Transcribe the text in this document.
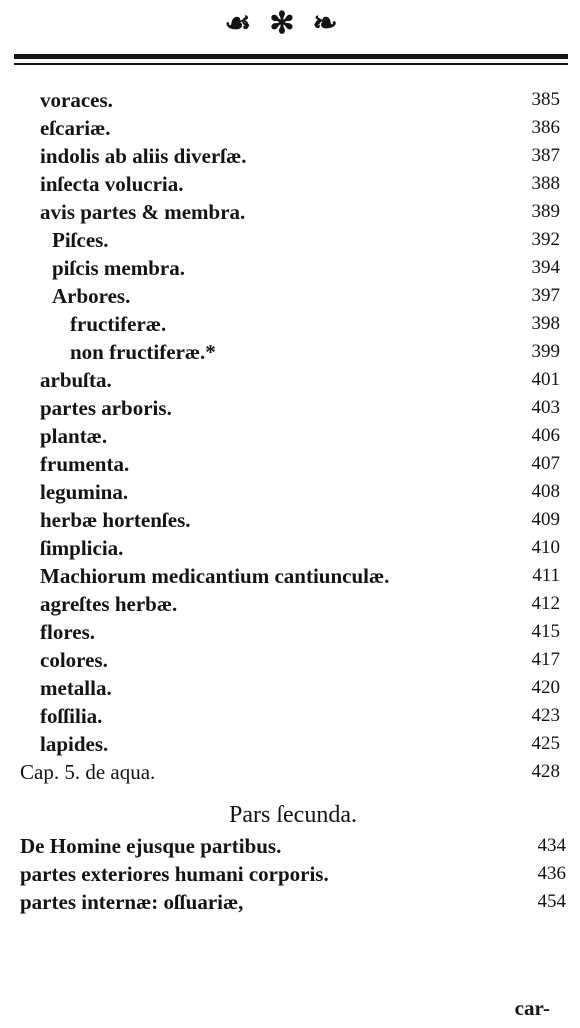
☙✻❧
voraces.	385
eſcariæ.	386
indolis ab aliis diverſæ.	387
inſecta volucria.	388
avis partes & membra.	389
Piſces.	392
piſcis membra.	394
Arbores.	397
fructiferæ.	398
non fructiferæ.*	399
arbuſta.	401
partes arboris.	403
plantæ.	406
frumenta.	407
legumina.	408
herbæ hortenſes.	409
ſimplicia.	410
Machiorum medicantium cantiunculæ.	411
agreſtes herbæ.	412
flores.	415
colores.	417
metalla.	420
foſſilia.	423
lapides.	425
Cap. 5. de aqua.	428
Pars ſecunda.
De Homine ejusque partibus.	434
partes exteriores humani corporis.	436
partes internæ: oſſuariæ,	454
car-
